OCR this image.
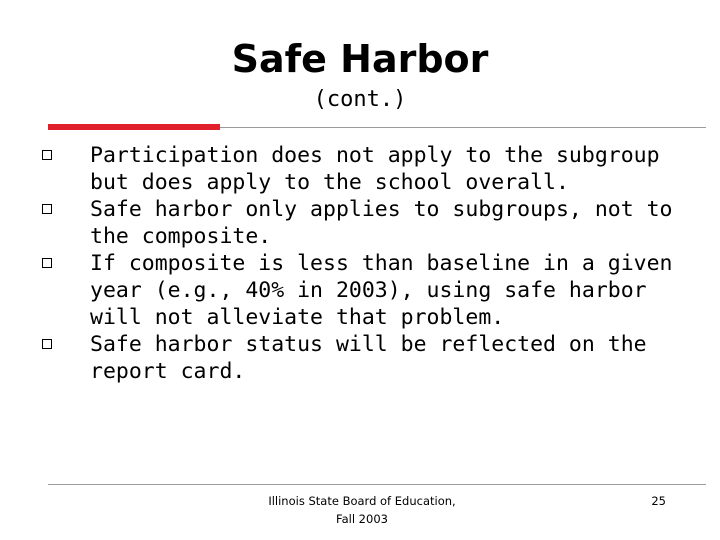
Safe Harbor
(cont.)
Participation does not apply to the subgroup but does apply to the school overall.
Safe harbor only applies to subgroups, not to the composite.
If composite is less than baseline in a given year (e.g., 40% in 2003), using safe harbor will not alleviate that problem.
Safe harbor status will be reflected on the report card.
Illinois State Board of Education,
Fall 2003
25
